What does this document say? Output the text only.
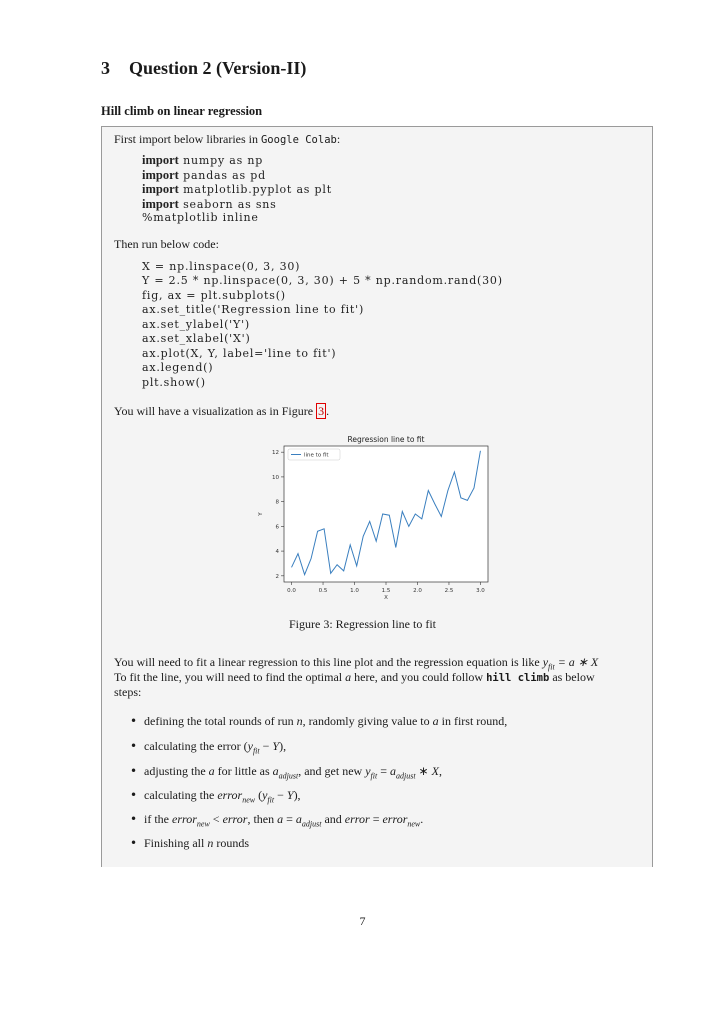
3 Question 2 (Version-II)
Hill climb on linear regression
First import below libraries in Google Colab:
import numpy as np
import pandas as pd
import matplotlib.pyplot as plt
import seaborn as sns
%matplotlib inline
Then run below code:
X = np.linspace(0, 3, 30)
Y = 2.5 * np.linspace(0, 3, 30) + 5 * np.random.rand(30)
fig, ax = plt.subplots()
ax.set_title('Regression line to fit')
ax.set_ylabel('Y')
ax.set_xlabel('X')
ax.plot(X, Y, label='line to fit')
ax.legend()
plt.show()
You will have a visualization as in Figure 3 .
Regression line to fit
0.0	0.5	1.0	1.5	2.0	2.5	3.0
2
4
6
8
10
12
X
Y
line to fit
Figure 3: Regression line to fit
You will need to fit a linear regression to this line plot and the regression equation is like $y_{fit} = a$ ∗ X
To fit the line, you will need to find the optimal a here, and you could follow hill climb as below
steps:
• defining the total rounds of run n, randomly giving value to a in first round,
• calculating the error $(y_{fit} - Y)$,
• adjusting the a for little as $a_{adjust}$, and get new $y_{fit} = a_{adjust}$ ∗ X,
• calculating the error$_{new}$ $(y_{fit} - Y)$,
• if the error$_{new}$ < error, then $a = a_{adjust}$ and error = error$_{new}$.
• Finishing all n rounds
7
